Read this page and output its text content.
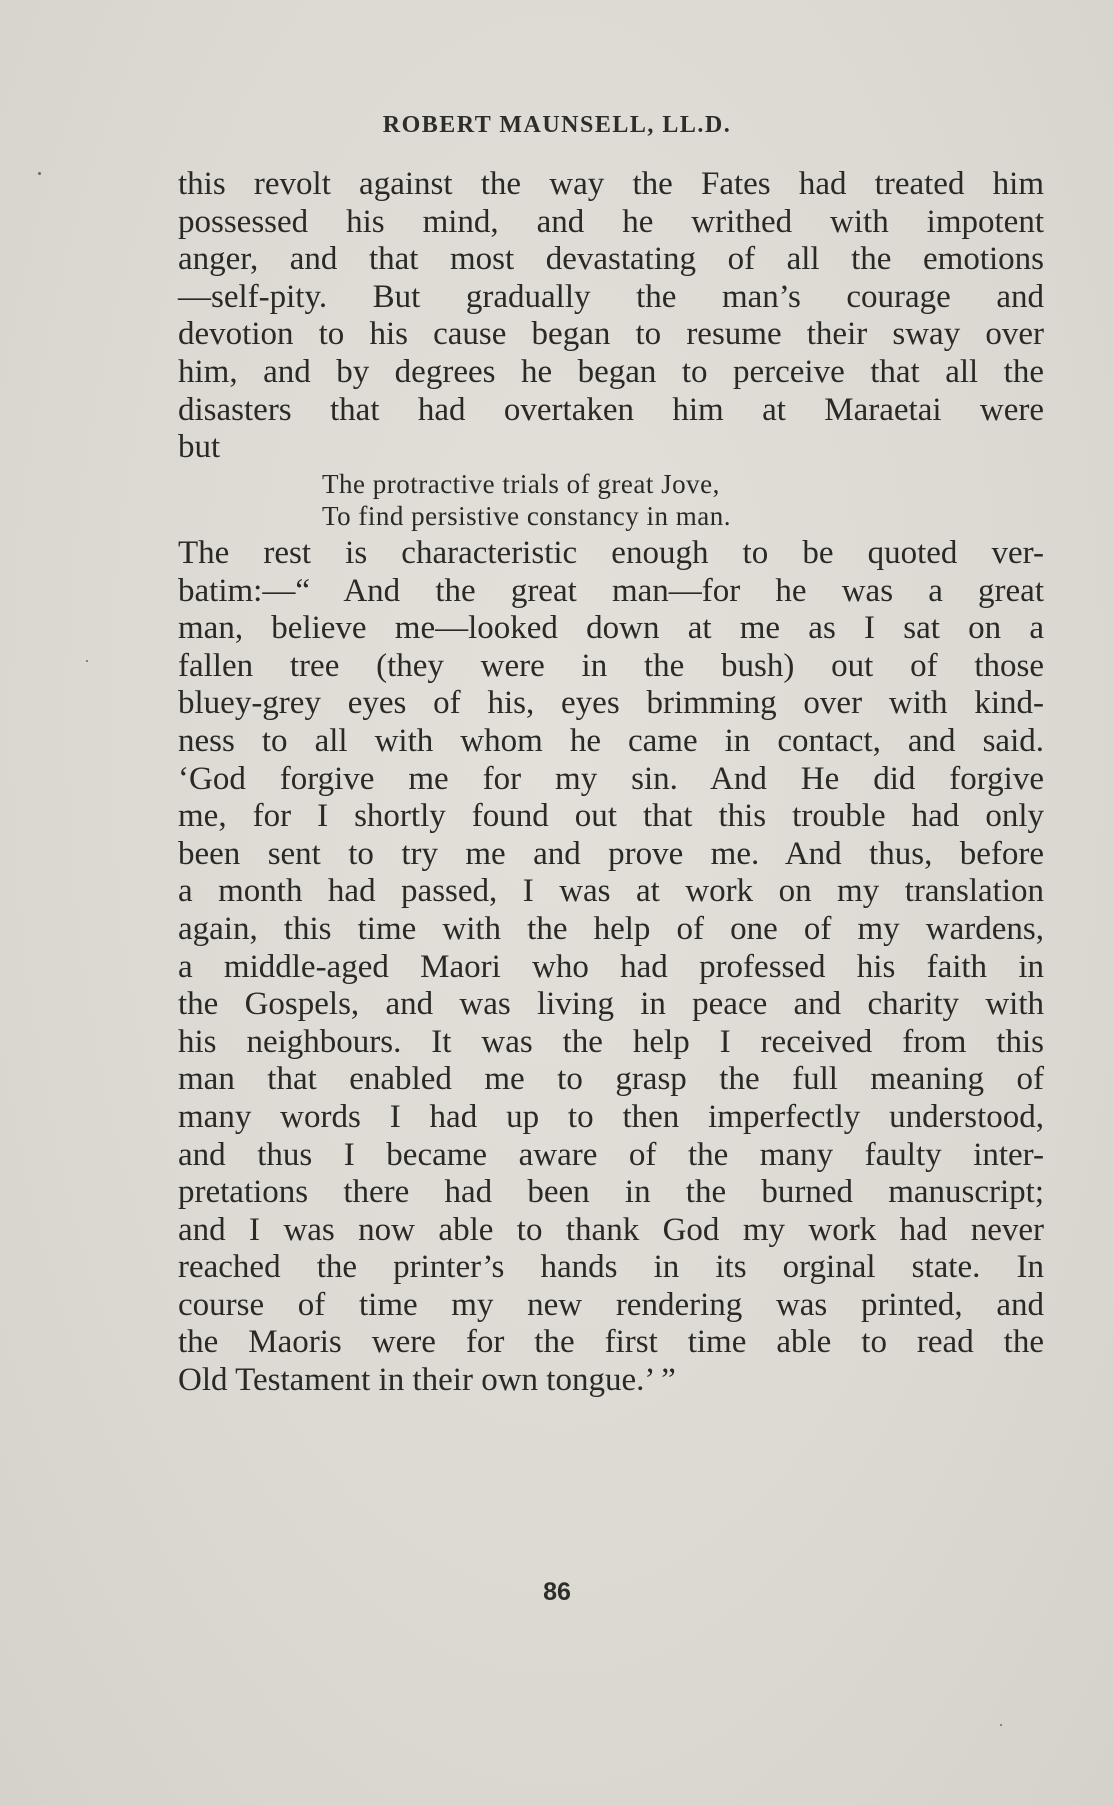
ROBERT MAUNSELL, LL.D.
this revolt against the way the Fates had treated him
possessed his mind, and he writhed with impotent
anger, and that most devastating of all the emotions
—self-pity. But gradually the man’s courage and
devotion to his cause began to resume their sway over
him, and by degrees he began to perceive that all the
disasters that had overtaken him at Maraetai were
but
The protractive trials of great Jove,
To find persistive constancy in man.
The rest is characteristic enough to be quoted ver-
batim:—“ And the great man—for he was a great
man, believe me—looked down at me as I sat on a
fallen tree (they were in the bush) out of those
bluey-grey eyes of his, eyes brimming over with kind-
ness to all with whom he came in contact, and said.
‘God forgive me for my sin. And He did forgive
me, for I shortly found out that this trouble had only
been sent to try me and prove me. And thus, before
a month had passed, I was at work on my translation
again, this time with the help of one of my wardens,
a middle-aged Maori who had professed his faith in
the Gospels, and was living in peace and charity with
his neighbours. It was the help I received from this
man that enabled me to grasp the full meaning of
many words I had up to then imperfectly understood,
and thus I became aware of the many faulty inter-
pretations there had been in the burned manuscript;
and I was now able to thank God my work had never
reached the printer’s hands in its orginal state. In
course of time my new rendering was printed, and
the Maoris were for the first time able to read the
Old Testament in their own tongue.’ ”
86
